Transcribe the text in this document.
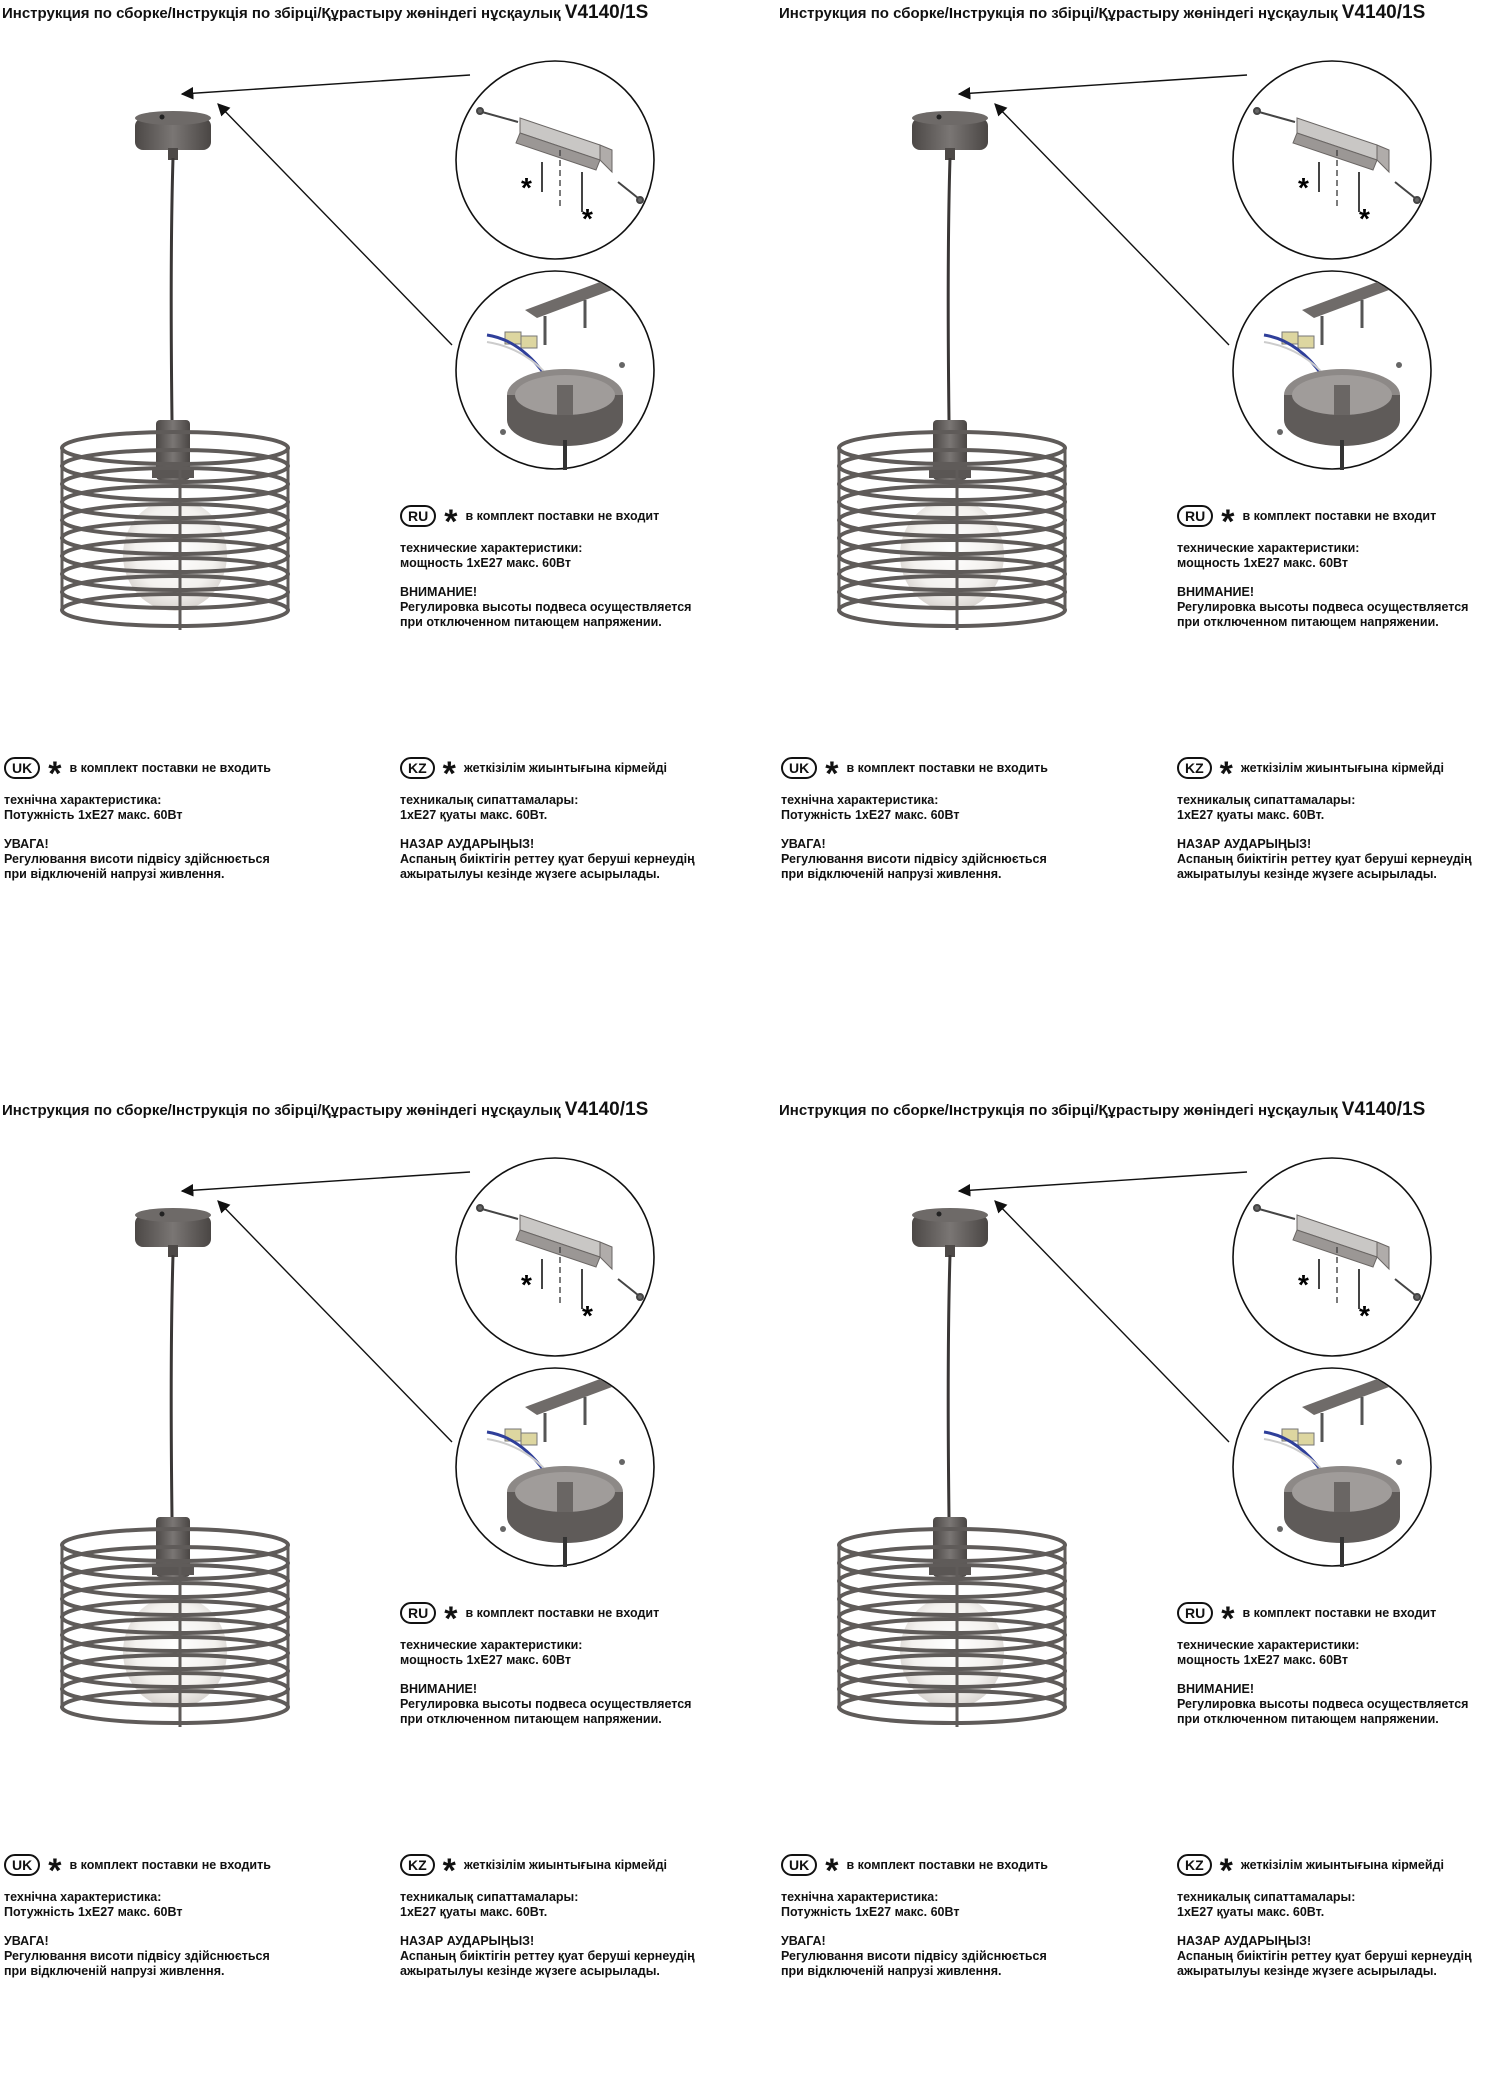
Инструкция по сборке/Інструкція по збірці/Құрастыру жөніндегі нұсқаулық V4140/1S
*
*
RU * в комплект поставки не входит

технические характеристики:
мощность 1хЕ27 макс. 60Вт

ВНИМАНИЕ!
Регулировка высоты подвеса осуществляется
при отключенном питающем напряжении.

UK * в комплект поставки не входить

технічна характеристика:
Потужність 1хЕ27 макс. 60Вт

УВАГА!
Регулювання висоти підвісу здійснюється
при відключеній напрузі живлення.

KZ * жеткізілім жиынтығына кірмейді

техникалық сипаттамалары:
1хЕ27 қуаты макс. 60Вт.

НАЗАР АУДАРЫҢЫЗ!
Аспаның биіктігін реттеу қуат беруші кернеудің
ажыратылуы кезінде жүзеге асырылады.

Инструкция по сборке/Інструкція по збірці/Құрастыру жөніндегі нұсқаулық V4140/1S
*
*
RU * в комплект поставки не входит

технические характеристики:
мощность 1хЕ27 макс. 60Вт

ВНИМАНИЕ!
Регулировка высоты подвеса осуществляется
при отключенном питающем напряжении.

UK * в комплект поставки не входить

технічна характеристика:
Потужність 1хЕ27 макс. 60Вт

УВАГА!
Регулювання висоти підвісу здійснюється
при відключеній напрузі живлення.

KZ * жеткізілім жиынтығына кірмейді

техникалық сипаттамалары:
1хЕ27 қуаты макс. 60Вт.

НАЗАР АУДАРЫҢЫЗ!
Аспаның биіктігін реттеу қуат беруші кернеудің
ажыратылуы кезінде жүзеге асырылады.

Инструкция по сборке/Інструкція по збірці/Құрастыру жөніндегі нұсқаулық V4140/1S
*
*
RU * в комплект поставки не входит

технические характеристики:
мощность 1хЕ27 макс. 60Вт

ВНИМАНИЕ!
Регулировка высоты подвеса осуществляется
при отключенном питающем напряжении.

UK * в комплект поставки не входить

технічна характеристика:
Потужність 1хЕ27 макс. 60Вт

УВАГА!
Регулювання висоти підвісу здійснюється
при відключеній напрузі живлення.

KZ * жеткізілім жиынтығына кірмейді

техникалық сипаттамалары:
1хЕ27 қуаты макс. 60Вт.

НАЗАР АУДАРЫҢЫЗ!
Аспаның биіктігін реттеу қуат беруші кернеудің
ажыратылуы кезінде жүзеге асырылады.

Инструкция по сборке/Інструкція по збірці/Құрастыру жөніндегі нұсқаулық V4140/1S
*
*
RU * в комплект поставки не входит

технические характеристики:
мощность 1хЕ27 макс. 60Вт

ВНИМАНИЕ!
Регулировка высоты подвеса осуществляется
при отключенном питающем напряжении.

UK * в комплект поставки не входить

технічна характеристика:
Потужність 1хЕ27 макс. 60Вт

УВАГА!
Регулювання висоти підвісу здійснюється
при відключеній напрузі живлення.

KZ * жеткізілім жиынтығына кірмейді

техникалық сипаттамалары:
1хЕ27 қуаты макс. 60Вт.

НАЗАР АУДАРЫҢЫЗ!
Аспаның биіктігін реттеу қуат беруші кернеудің
ажыратылуы кезінде жүзеге асырылады.
